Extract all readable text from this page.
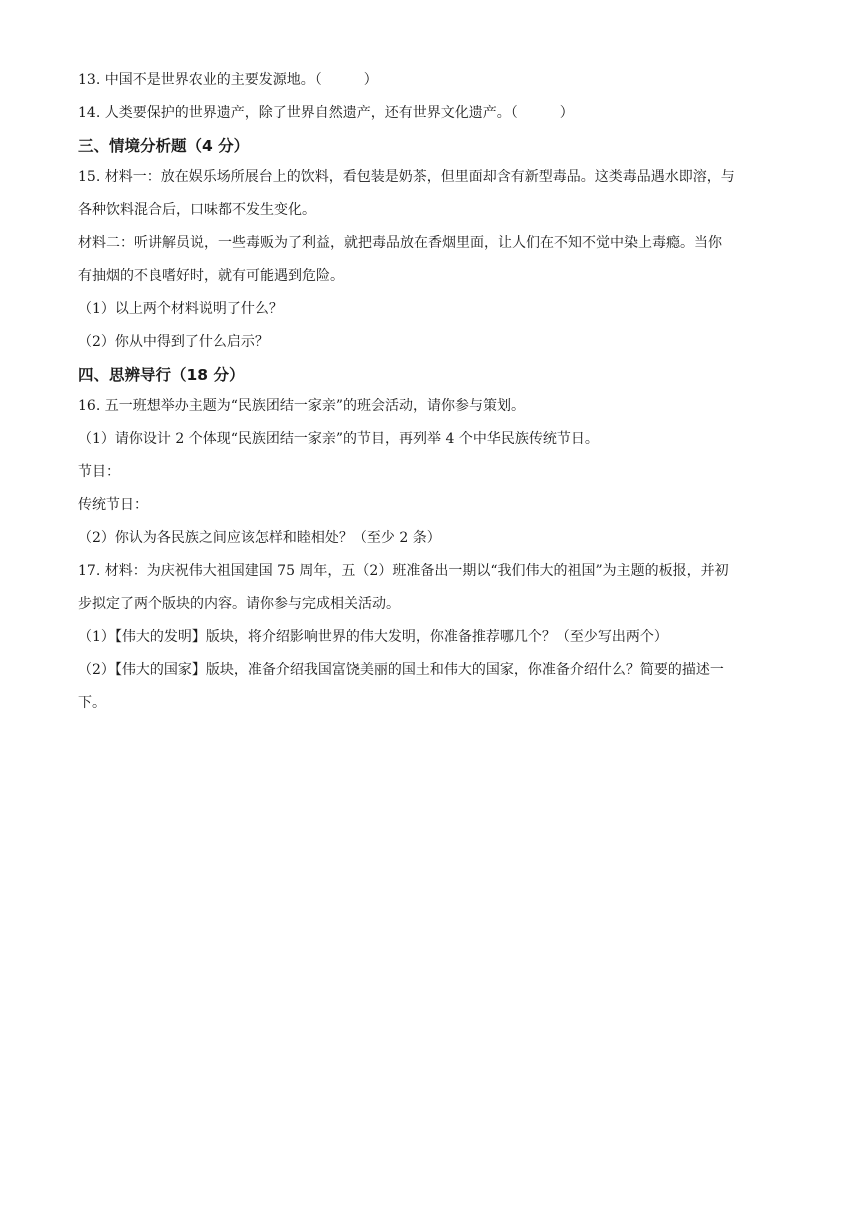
13. 中国不是世界农业的主要发源地。（　　　）
14. 人类要保护的世界遗产，除了世界自然遗产，还有世界文化遗产。（　　　）
三、情境分析题（4 分）
15. 材料一：放在娱乐场所展台上的饮料，看包装是奶茶，但里面却含有新型毒品。这类毒品遇水即溶，与
各种饮料混合后，口味都不发生变化。
材料二：听讲解员说，一些毒贩为了利益，就把毒品放在香烟里面，让人们在不知不觉中染上毒瘾。当你
有抽烟的不良嗜好时，就有可能遇到危险。
（1）以上两个材料说明了什么？
（2）你从中得到了什么启示？
四、思辨导行（18 分）
16. 五一班想举办主题为“民族团结一家亲”的班会活动，请你参与策划。
（1）请你设计 2 个体现“民族团结一家亲”的节目，再列举 4 个中华民族传统节日。
节目：
传统节日：
（2）你认为各民族之间应该怎样和睦相处？（至少 2 条）
17. 材料：为庆祝伟大祖国建国 75 周年，五（2）班准备出一期以“我们伟大的祖国”为主题的板报，并初
步拟定了两个版块的内容。请你参与完成相关活动。
（1）【伟大的发明】版块，将介绍影响世界的伟大发明，你准备推荐哪几个？（至少写出两个）
（2）【伟大的国家】版块，准备介绍我国富饶美丽的国土和伟大的国家，你准备介绍什么？简要的描述一
下。
